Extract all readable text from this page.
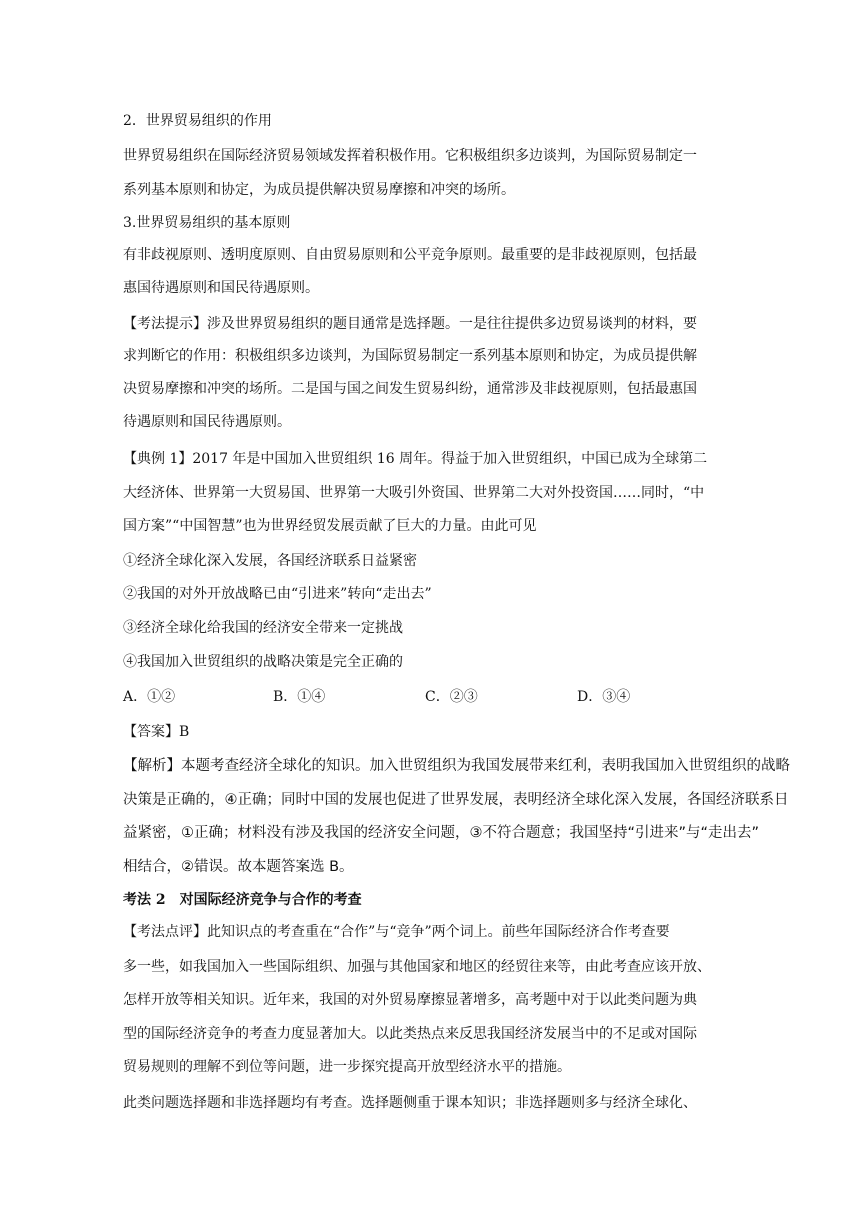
2．世界贸易组织的作用
世界贸易组织在国际经济贸易领域发挥着积极作用。它积极组织多边谈判，为国际贸易制定一
系列基本原则和协定，为成员提供解决贸易摩擦和冲突的场所。
3.世界贸易组织的基本原则
有非歧视原则、透明度原则、自由贸易原则和公平竞争原则。最重要的是非歧视原则，包括最
惠国待遇原则和国民待遇原则。
【考法提示】涉及世界贸易组织的题目通常是选择题。一是往往提供多边贸易谈判的材料，要
求判断它的作用：积极组织多边谈判，为国际贸易制定一系列基本原则和协定，为成员提供解
决贸易摩擦和冲突的场所。二是国与国之间发生贸易纠纷，通常涉及非歧视原则，包括最惠国
待遇原则和国民待遇原则。
【典例 1】2017 年是中国加入世贸组织 16 周年。得益于加入世贸组织，中国已成为全球第二
大经济体、世界第一大贸易国、世界第一大吸引外资国、世界第二大对外投资国……同时，“中
国方案”“中国智慧”也为世界经贸发展贡献了巨大的力量。由此可见
①经济全球化深入发展，各国经济联系日益紧密
②我国的对外开放战略已由“引进来”转向“走出去”
③经济全球化给我国的经济安全带来一定挑战
④我国加入世贸组织的战略决策是完全正确的
A．①②	B．①④	C．②③	D．③④
【答案】B
【解析】本题考查经济全球化的知识。加入世贸组织为我国发展带来红利，表明我国加入世贸组织的战略
决策是正确的，④正确；同时中国的发展也促进了世界发展，表明经济全球化深入发展，各国经济联系日
益紧密，①正确；材料没有涉及我国的经济安全问题，③不符合题意；我国坚持“引进来”与“走出去”
相结合，②错误。故本题答案选 B。
考法 2　对国际经济竞争与合作的考查
【考法点评】此知识点的考查重在“合作”与“竞争”两个词上。前些年国际经济合作考查要
多一些，如我国加入一些国际组织、加强与其他国家和地区的经贸往来等，由此考查应该开放、
怎样开放等相关知识。近年来，我国的对外贸易摩擦显著增多，高考题中对于以此类问题为典
型的国际经济竞争的考查力度显著加大。以此类热点来反思我国经济发展当中的不足或对国际
贸易规则的理解不到位等问题，进一步探究提高开放型经济水平的措施。
此类问题选择题和非选择题均有考查。选择题侧重于课本知识；非选择题则多与经济全球化、
